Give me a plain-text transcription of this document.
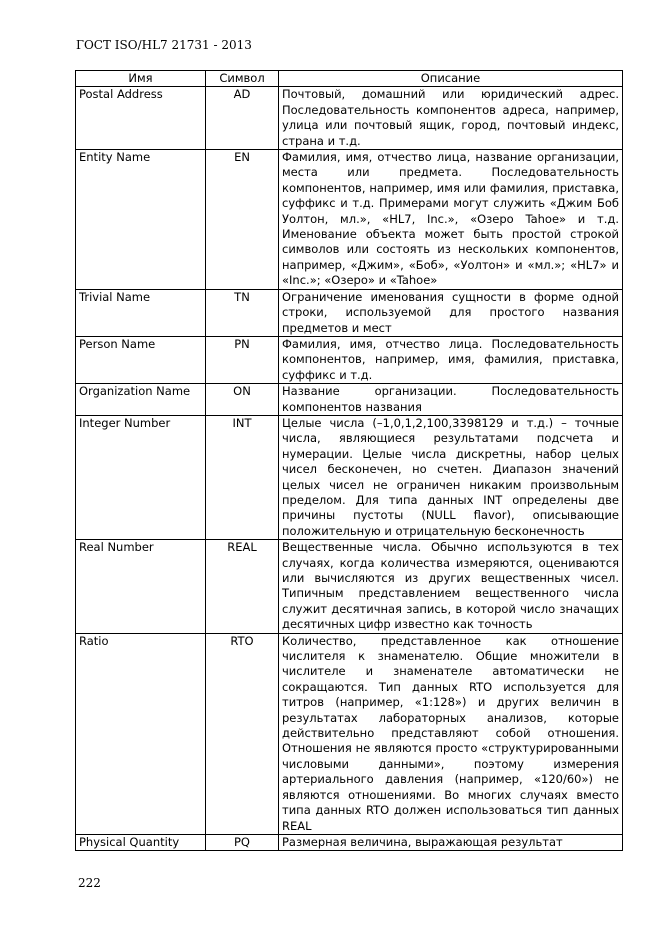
ГОСТ ISO/HL7 21731 - 2013
Имя	Символ	Описание
Postal Address	AD	Почтовый, домашний или юридический адрес. Последовательность компонентов адреса, например, улица или почтовый ящик, город, почтовый индекс, страна и т.д.
Entity Name	EN	Фамилия, имя, отчество лица, название организации, места или предмета. Последовательность компонентов, например, имя или фамилия, приставка, суффикс и т.д. Примерами могут служить «Джим Боб Уолтон, мл.», «HL7, Inc.», «Озеро Tahoe» и т.д. Именование объекта может быть простой строкой символов или состоять из нескольких компонентов, например, «Джим», «Боб», «Уолтон» и «мл.»; «HL7» и «Inc.»; «Озеро» и «Tahoe»
Trivial Name	TN	Ограничение именования сущности в форме одной строки, используемой для простого названия предметов и мест
Person Name	PN	Фамилия, имя, отчество лица. Последовательность компонентов, например, имя, фамилия, приставка, суффикс и т.д.
Organization Name	ON	Название организации. Последовательность компонентов названия
Integer Number	INT	Целые числа (–1,0,1,2,100,3398129 и т.д.) – точные числа, являющиеся результатами подсчета и нумерации. Целые числа дискретны, набор целых чисел бесконечен, но счетен. Диапазон значений целых чисел не ограничен никаким произвольным пределом. Для типа данных INT определены две причины пустоты (NULL flavor), описывающие положительную и отрицательную бесконечность
Real Number	REAL	Вещественные числа. Обычно используются в тех случаях, когда количества измеряются, оцениваются или вычисляются из других вещественных чисел. Типичным представлением вещественного числа служит десятичная запись, в которой число значащих десятичных цифр известно как точность
Ratio	RTO	Количество, представленное как отношение числителя к знаменателю. Общие множители в числителе и знаменателе автоматически не сокращаются. Тип данных RTO используется для титров (например, «1:128») и других величин в результатах лабораторных анализов, которые действительно представляют собой отношения. Отношения не являются просто «структурированными числовыми данными», поэтому измерения артериального давления (например, «120/60») не являются отношениями. Во многих случаях вместо типа данных RTO должен использоваться тип данных REAL
Physical Quantity	PQ	Размерная величина, выражающая результат
222
